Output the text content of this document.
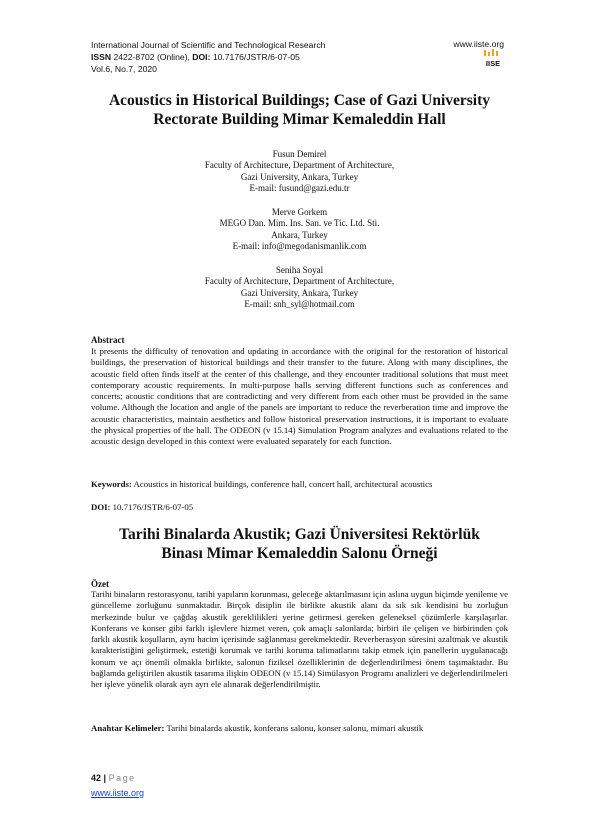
International Journal of Scientific and Technological Research
ISSN 2422-8702 (Online), DOI: 10.7176/JSTR/6-07-05
Vol.6, No.7, 2020
www.iiste.org
IISE
Acoustics in Historical Buildings; Case of Gazi University
Rectorate Building Mimar Kemaleddin Hall
Fusun Demirel
Faculty of Architecture, Department of Architecture,
Gazi University, Ankara, Turkey
E-mail: fusund@gazi.edu.tr
Merve Gorkem
MEGO Dan. Mim. Ins. San. ve Tic. Ltd. Sti.
Ankara, Turkey
E-mail: info@megodanismanlik.com
Seniha Soyal
Faculty of Architecture, Department of Architecture,
Gazi University, Ankara, Turkey
E-mail: snh_syl@hotmail.com
Abstract
It presents the difficulty of renovation and updating in accordance with the original for the restoration of historical buildings, the preservation of historical buildings and their transfer to the future. Along with many disciplines, the acoustic field often finds itself at the center of this challenge, and they encounter traditional solutions that must meet contemporary acoustic requirements. In multi-purpose halls serving different functions such as conferences and concerts; acoustic conditions that are contradicting and very different from each other must be provided in the same volume. Although the location and angle of the panels are important to reduce the reverberation time and improve the acoustic characteristics, maintain aesthetics and follow historical preservation instructions, it is important to evaluate the physical properties of the hall. The ODEON (v 15.14) Simulation Program analyzes and evaluations related to the acoustic design developed in this context were evaluated separately for each function.
Keywords: Acoustics in historical buildings, conference hall, concert hall, architectural acoustics
DOI: 10.7176/JSTR/6-07-05
Tarihi Binalarda Akustik; Gazi Üniversitesi Rektörlük
Binası Mimar Kemaleddin Salonu Örneği
Özet
Tarihi binaların restorasyonu, tarihi yapıların korunması, geleceğe aktarılmasını için aslına uygun biçimde yenileme ve güncelleme zorluğunu sunmaktadır. Birçok disiplin ile birlikte akustik alanı da sık sık kendisini bu zorluğun merkezinde bulur ve çağdaş akustik gereklilikleri yerine getirmesi gereken geleneksel çözümlerle karşılaşırlar. Konferans ve konser gibi farklı işlevlere hizmet veren, çok amaçlı salonlarda; birbiri ile çelişen ve birbirinden çok farklı akustik koşulların, aynı hacim içerisinde sağlanması gerekmektedir. Reverberasyon süresini azaltmak ve akustik karakteristiğini geliştirmek, estetiği korumak ve tarihi koruma talimatlarını takip etmek için panellerin uygulanacağı konum ve açı önemli olmakla birlikte, salonun fiziksel özelliklerinin de değerlendirilmesi önem taşımaktadır. Bu bağlamda geliştirilen akustik tasarıma ilişkin ODEON (v 15.14) Simülasyon Programı analizleri ve değerlendirilmeleri her işleve yönelik olarak ayrı ayrı ele alınarak değerlendirilmiştir.
Anahtar Kelimeler: Tarihi binalarda akustik, konferans salonu, konser salonu, mimari akustik
42 | Page
www.iiste.org
